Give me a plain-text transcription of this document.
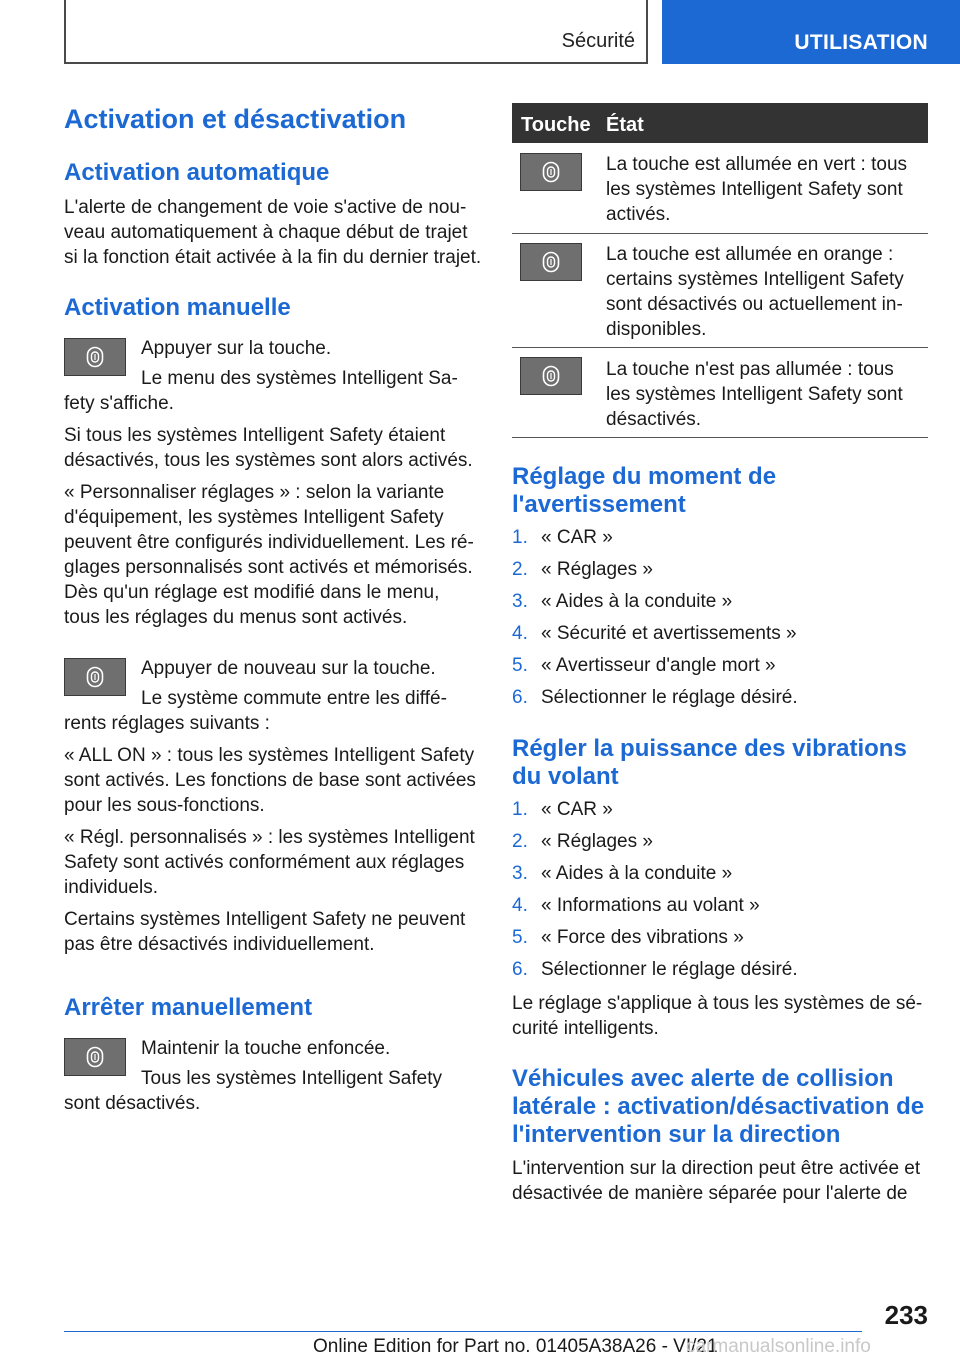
Sécurité	UTILISATION
Activation et désactivation
Activation automatique

L'alerte de changement de voie s'active de nou-

veau automatiquement à chaque début de trajet

si la fonction était activée à la fin du dernier trajet.

Activation manuelle

Appuyer sur la touche.

Le menu des systèmes Intelligent Sa-

fety s'affiche.

Si tous les systèmes Intelligent Safety étaient

désactivés, tous les systèmes sont alors activés.

« Personnaliser réglages » : selon la variante

d'équipement, les systèmes Intelligent Safety

peuvent être configurés individuellement. Les ré-

glages personnalisés sont activés et mémorisés.

Dès qu'un réglage est modifié dans le menu,

tous les réglages du menus sont activés.

Appuyer de nouveau sur la touche.

Le système commute entre les diffé-

rents réglages suivants :

« ALL ON » : tous les systèmes Intelligent Safety

sont activés. Les fonctions de base sont activées

pour les sous-fonctions.

« Régl. personnalisés » : les systèmes Intelligent

Safety sont activés conformément aux réglages

individuels.

Certains systèmes Intelligent Safety ne peuvent

pas être désactivés individuellement.

Arrêter manuellement

Maintenir la touche enfoncée.

Tous les systèmes Intelligent Safety

sont désactivés.

Touche État

La touche est allumée en vert : tous

les systèmes Intelligent Safety sont

activés.

La touche est allumée en orange :

certains systèmes Intelligent Safety

sont désactivés ou actuellement in-

disponibles.

La touche n'est pas allumée : tous

les systèmes Intelligent Safety sont

désactivés.

Réglage du moment de
l'avertissement
1. « CAR »
2. « Réglages »
3. « Aides à la conduite »
4. « Sécurité et avertissements »
5. « Avertisseur d'angle mort »
6. Sélectionner le réglage désiré.
Régler la puissance des vibrations
du volant
1. « CAR »
2. « Réglages »
3. « Aides à la conduite »
4. « Informations au volant »
5. « Force des vibrations »
6. Sélectionner le réglage désiré.

Le réglage s'applique à tous les systèmes de sé-

curité intelligents.

Véhicules avec alerte de collision
latérale : activation/désactivation de
l'intervention sur la direction

L'intervention sur la direction peut être activée et

désactivée de manière séparée pour l'alerte de

233
Online Edition for Part no. 01405A38A26 - VI/21
carmanualsonline.info
